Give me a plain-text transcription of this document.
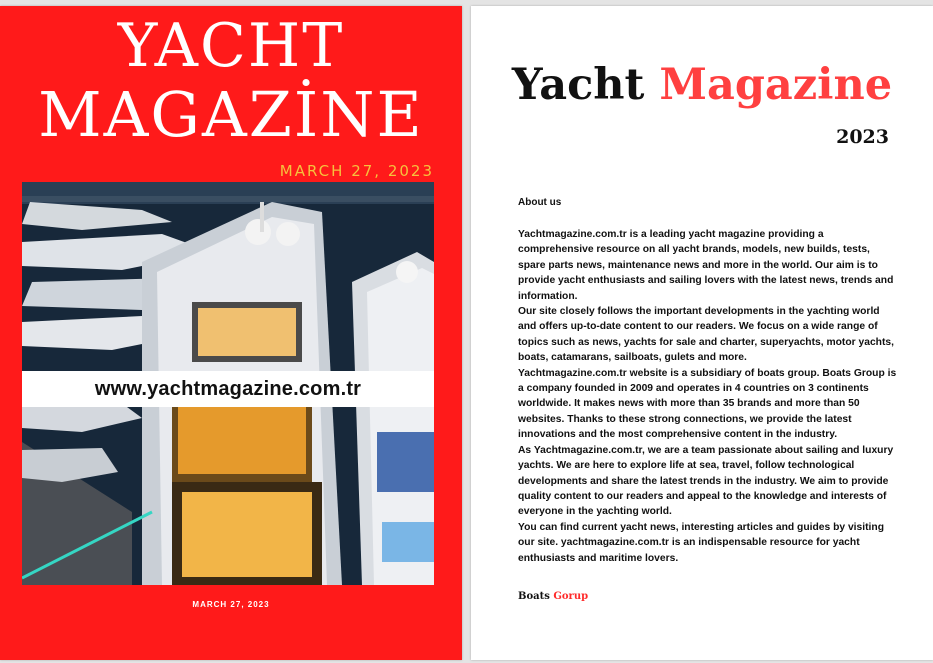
YACHT
MAGAZİNE
MARCH 27, 2023
www.yachtmagazine.com.tr
MARCH 27, 2023
Yacht Magazine
2023
About us

Yachtmagazine.com.tr is a leading yacht magazine providing a comprehensive resource on all yacht brands, models, new builds, tests, spare parts news, maintenance news and more in the world. Our aim is to provide yacht enthusiasts and sailing lovers with the latest news, trends and information.

Our site closely follows the important developments in the yachting world and offers up-to-date content to our readers. We focus on a wide range of topics such as news, yachts for sale and charter, superyachts, motor yachts, boats, catamarans, sailboats, gulets and more.

Yachtmagazine.com.tr website is a subsidiary of boats group. Boats Group is a company founded in 2009 and operates in 4 countries on 3 continents worldwide. It makes news with more than 35 brands and more than 50 websites. Thanks to these strong connections, we provide the latest innovations and the most comprehensive content in the industry.

As Yachtmagazine.com.tr, we are a team passionate about sailing and luxury yachts. We are here to explore life at sea, travel, follow technological developments and share the latest trends in the industry. We aim to provide quality content to our readers and appeal to the knowledge and interests of everyone in the yachting world.

You can find current yacht news, interesting articles and guides by visiting our site. yachtmagazine.com.tr is an indispensable resource for yacht enthusiasts and maritime lovers.

Boats Gorup
